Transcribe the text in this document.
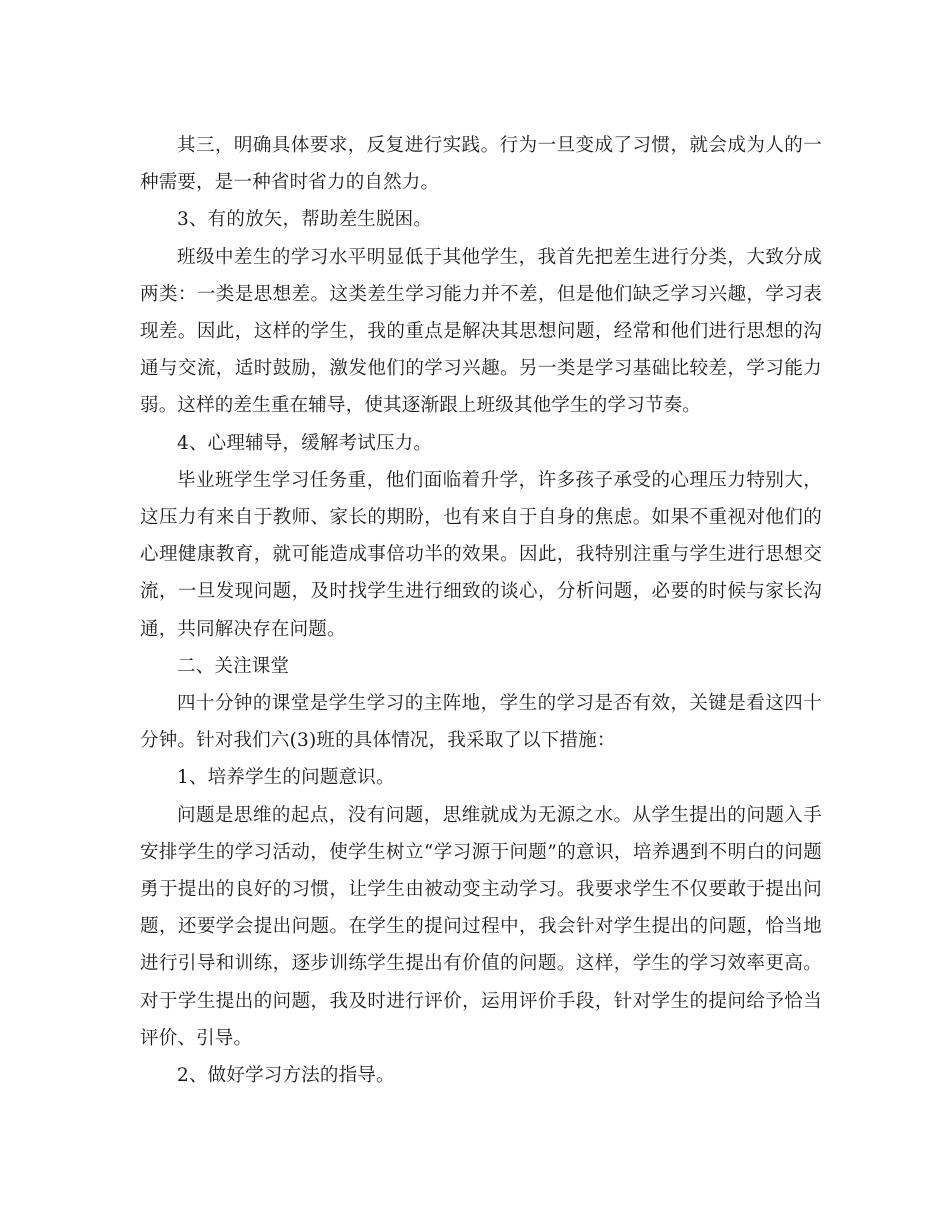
其三，明确具体要求，反复进行实践。行为一旦变成了习惯，就会成为人的一种需要，是一种省时省力的自然力。

3、有的放矢，帮助差生脱困。

班级中差生的学习水平明显低于其他学生，我首先把差生进行分类，大致分成两类：一类是思想差。这类差生学习能力并不差，但是他们缺乏学习兴趣，学习表现差。因此，这样的学生，我的重点是解决其思想问题，经常和他们进行思想的沟通与交流，适时鼓励，激发他们的学习兴趣。另一类是学习基础比较差，学习能力弱。这样的差生重在辅导，使其逐渐跟上班级其他学生的学习节奏。

4、心理辅导，缓解考试压力。

毕业班学生学习任务重，他们面临着升学，许多孩子承受的心理压力特别大，这压力有来自于教师、家长的期盼，也有来自于自身的焦虑。如果不重视对他们的心理健康教育，就可能造成事倍功半的效果。因此，我特别注重与学生进行思想交流，一旦发现问题，及时找学生进行细致的谈心，分析问题，必要的时候与家长沟通，共同解决存在问题。

二、关注课堂

四十分钟的课堂是学生学习的主阵地，学生的学习是否有效，关键是看这四十分钟。针对我们六(3)班的具体情况，我采取了以下措施：

1、培养学生的问题意识。

问题是思维的起点，没有问题，思维就成为无源之水。从学生提出的问题入手安排学生的学习活动，使学生树立“学习源于问题”的意识，培养遇到不明白的问题勇于提出的良好的习惯，让学生由被动变主动学习。我要求学生不仅要敢于提出问题，还要学会提出问题。在学生的提问过程中，我会针对学生提出的问题，恰当地进行引导和训练，逐步训练学生提出有价值的问题。这样，学生的学习效率更高。对于学生提出的问题，我及时进行评价，运用评价手段，针对学生的提问给予恰当评价、引导。

2、做好学习方法的指导。
